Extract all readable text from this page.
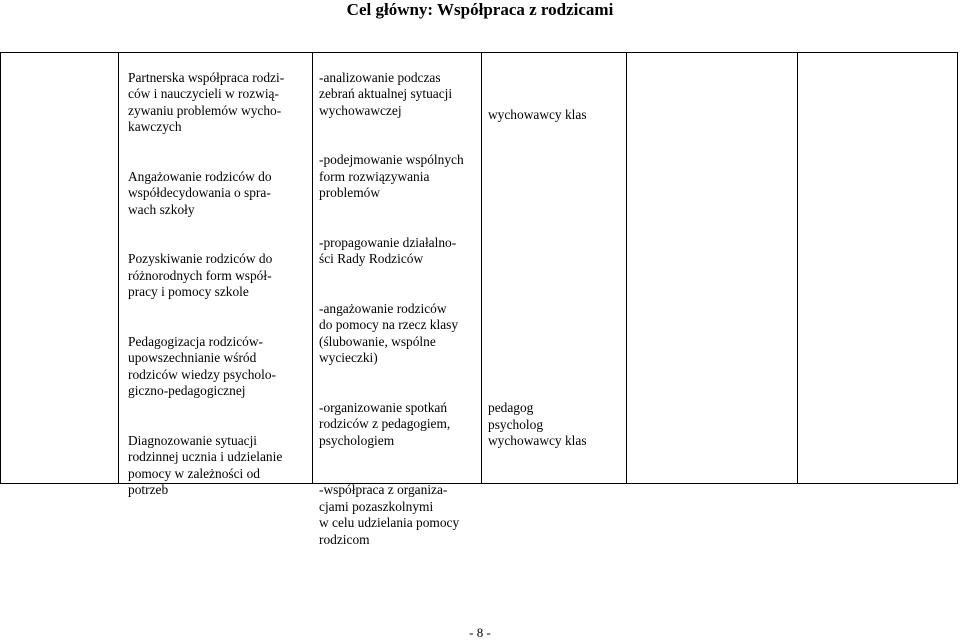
Cel główny: Współpraca z rodzicami

Partnerska współpraca rodzi-
ców i nauczycieli w rozwią-
zywaniu problemów wycho-
kawczych

Angażowanie rodziców do
współdecydowania o spra-
wach szkoły

Pozyskiwanie rodziców do
różnorodnych form współ-
pracy i pomocy szkole

Pedagogizacja rodziców-
upowszechnianie wśród
rodziców wiedzy psycholo-
giczno-pedagogicznej

Diagnozowanie sytuacji
rodzinnej ucznia i udzielanie
pomocy w zależności od
potrzeb

-analizowanie podczas
zebrań aktualnej sytuacji
wychowawczej

-podejmowanie wspólnych
form rozwiązywania
problemów

-propagowanie działalno-
ści Rady Rodziców

-angażowanie rodziców
do pomocy na rzecz klasy
(ślubowanie, wspólne
wycieczki)

-organizowanie spotkań
rodziców z pedagogiem,
psychologiem

-współpraca z organiza-
cjami pozaszkolnymi
w celu udzielania pomocy
rodzicom

wychowawcy klas

pedagog
psycholog
wychowawcy klas

- 8 -
